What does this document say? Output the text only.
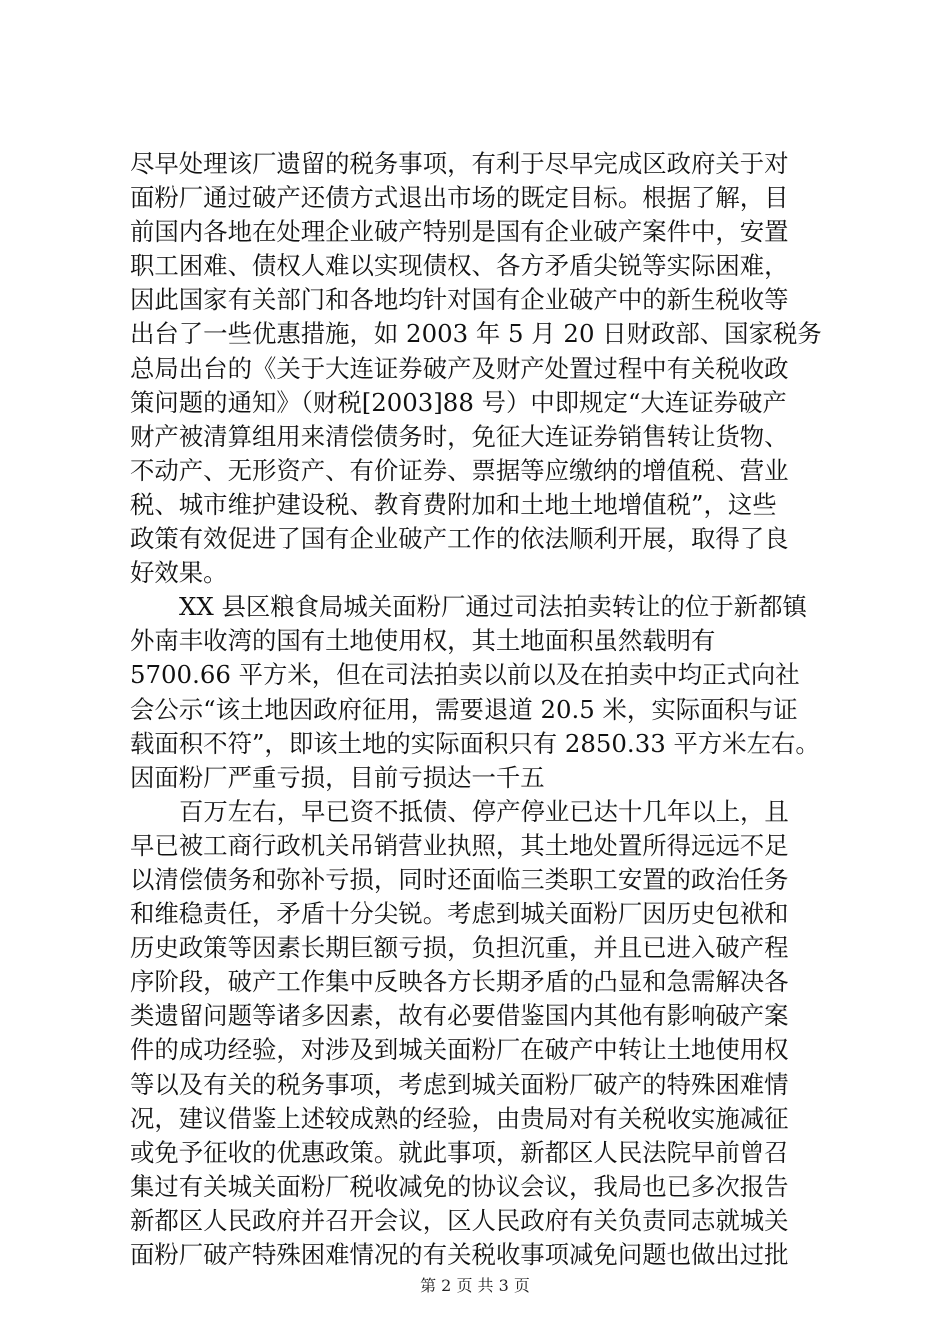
尽早处理该厂遗留的税务事项，有利于尽早完成区政府关于对
面粉厂通过破产还债方式退出市场的既定目标。根据了解，目
前国内各地在处理企业破产特别是国有企业破产案件中，安置
职工困难、债权人难以实现债权、各方矛盾尖锐等实际困难，
因此国家有关部门和各地均针对国有企业破产中的新生税收等
出台了一些优惠措施，如 2003 年 5 月 20 日财政部、国家税务
总局出台的《关于大连证券破产及财产处置过程中有关税收政
策问题的通知》（财税[2003]88 号）中即规定“大连证券破产
财产被清算组用来清偿债务时，免征大连证券销售转让货物、
不动产、无形资产、有价证券、票据等应缴纳的增值税、营业
税、城市维护建设税、教育费附加和土地土地增值税”，这些
政策有效促进了国有企业破产工作的依法顺利开展，取得了良
好效果。
XX 县区粮食局城关面粉厂通过司法拍卖转让的位于新都镇
外南丰收湾的国有土地使用权，其土地面积虽然载明有
5700.66 平方米，但在司法拍卖以前以及在拍卖中均正式向社
会公示“该土地因政府征用，需要退道 20.5 米，实际面积与证
载面积不符”，即该土地的实际面积只有 2850.33 平方米左右。
因面粉厂严重亏损，目前亏损达一千五
百万左右，早已资不抵债、停产停业已达十几年以上，且
早已被工商行政机关吊销营业执照，其土地处置所得远远不足
以清偿债务和弥补亏损，同时还面临三类职工安置的政治任务
和维稳责任，矛盾十分尖锐。考虑到城关面粉厂因历史包袱和
历史政策等因素长期巨额亏损，负担沉重，并且已进入破产程
序阶段，破产工作集中反映各方长期矛盾的凸显和急需解决各
类遗留问题等诸多因素，故有必要借鉴国内其他有影响破产案
件的成功经验，对涉及到城关面粉厂在破产中转让土地使用权
等以及有关的税务事项，考虑到城关面粉厂破产的特殊困难情
况，建议借鉴上述较成熟的经验，由贵局对有关税收实施减征
或免予征收的优惠政策。就此事项，新都区人民法院早前曾召
集过有关城关面粉厂税收减免的协议会议，我局也已多次报告
新都区人民政府并召开会议，区人民政府有关负责同志就城关
面粉厂破产特殊困难情况的有关税收事项减免问题也做出过批
第 2 页 共 3 页
